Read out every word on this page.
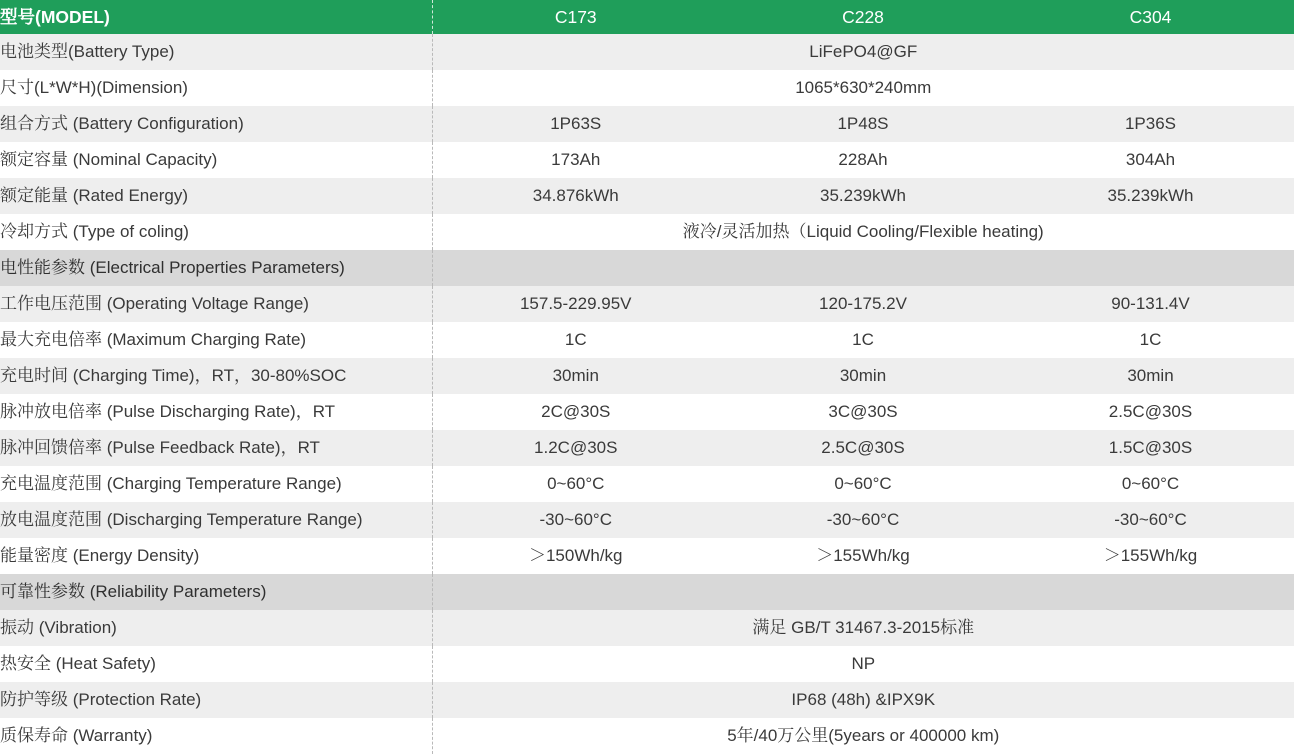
型号(MODEL)	C173	C228	C304
电池类型(Battery Type)	LiFePO4@GF		
尺寸(L*W*H)(Dimension)	1065*630*240mm		
组合方式 (Battery Configuration)	1P63S	1P48S	1P36S
额定容量 (Nominal Capacity)	173Ah	228Ah	304Ah
额定能量 (Rated Energy)	34.876kWh	35.239kWh	35.239kWh
冷却方式 (Type of coling)	液冷/灵活加热（Liquid Cooling/Flexible heating)		
电性能参数 (Electrical Properties Parameters)			
工作电压范围 (Operating Voltage Range)	157.5-229.95V	120-175.2V	90-131.4V
最大充电倍率 (Maximum Charging Rate)	1C	1C	1C
充电时间 (Charging Time)，RT，30-80%SOC	30min	30min	30min
脉冲放电倍率 (Pulse Discharging Rate)，RT	2C@30S	3C@30S	2.5C@30S
脉冲回馈倍率 (Pulse Feedback Rate)，RT	1.2C@30S	2.5C@30S	1.5C@30S
充电温度范围 (Charging Temperature Range)	0~60°C	0~60°C	0~60°C
放电温度范围 (Discharging Temperature Range)	-30~60°C	-30~60°C	-30~60°C
能量密度 (Energy Density)	＞150Wh/kg	＞155Wh/kg	＞155Wh/kg
可靠性参数 (Reliability Parameters)			
振动 (Vibration)	满足 GB/T 31467.3-2015标准		
热安全 (Heat Safety)	NP		
防护等级 (Protection Rate)	IP68 (48h) &IPX9K		
质保寿命 (Warranty)	5年/40万公里(5years or 400000 km)		
